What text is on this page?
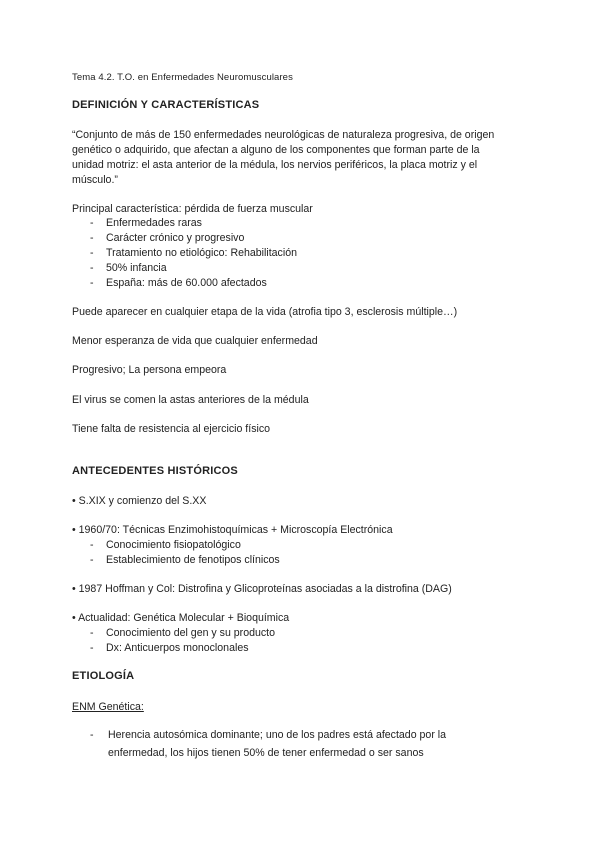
Tema 4.2. T.O. en Enfermedades Neuromusculares
DEFINICIÓN Y CARACTERÍSTICAS
“Conjunto de más de 150 enfermedades neurológicas de naturaleza progresiva, de origen
genético o adquirido, que afectan a alguno de los componentes que forman parte de la
unidad motriz: el asta anterior de la médula, los nervios periféricos, la placa motriz y el
músculo.”
Principal característica: pérdida de fuerza muscular
- Enfermedades raras
- Carácter crónico y progresivo
- Tratamiento no etiológico: Rehabilitación
- 50% infancia
- España: más de 60.000 afectados
Puede aparecer en cualquier etapa de la vida (atrofia tipo 3, esclerosis múltiple…)
Menor esperanza de vida que cualquier enfermedad
Progresivo; La persona empeora
El virus se comen la astas anteriores de la médula
Tiene falta de resistencia al ejercicio físico
ANTECEDENTES HISTÓRICOS
• S.XIX y comienzo del S.XX
• 1960/70: Técnicas Enzimohistoquímicas + Microscopía Electrónica
- Conocimiento fisiopatológico
- Establecimiento de fenotipos clínicos
• 1987 Hoffman y Col: Distrofina y Glicoproteínas asociadas a la distrofina (DAG)
• Actualidad: Genética Molecular + Bioquímica
- Conocimiento del gen y su producto
- Dx: Anticuerpos monoclonales
ETIOLOGÍA
ENM Genética:
- Herencia autosómica dominante; uno de los padres está afectado por la
enfermedad, los hijos tienen 50% de tener enfermedad o ser sanos
